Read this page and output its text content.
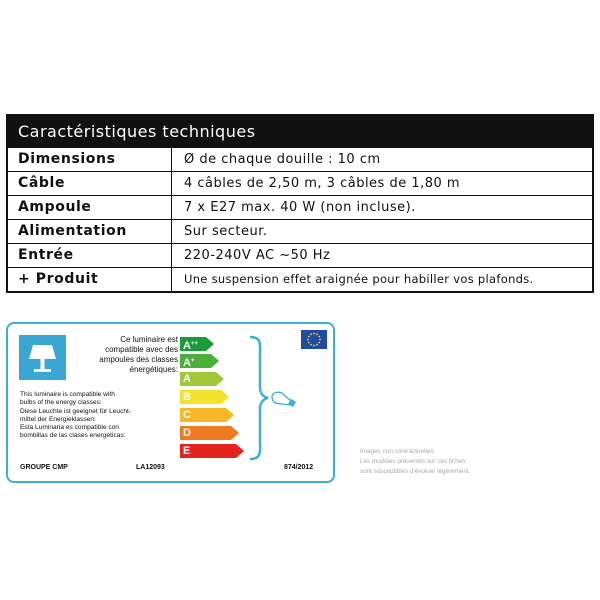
Caractéristiques techniques
Dimensions	Ø de chaque douille : 10 cm
Câble	4 câbles de 2,50 m, 3 câbles de 1,80 m
Ampoule	7 x E27 max. 40 W (non incluse).
Alimentation	Sur secteur.
Entrée	220-240V AC ~50 Hz
+ Produit	Une suspension effet araignée pour habiller vos plafonds.
Ce luminaire est
compatible avec des
ampoules des classes
énergétiques:
This luminaire is compatible with
bulbs of the energy classes:
Diese Leuchte ist geeignet für Leucht-
mittel der Energieklassen:
Esta Luminaria es compatible con
bombillas de las clases energéticas:
A++
A+
A
B
C
D
E
GROUPE CMP	LA12093	874/2012
Images non contractuelles.
Les modèles présentés sur ces fiches
sont susceptibles d'évoluer légèrement.
